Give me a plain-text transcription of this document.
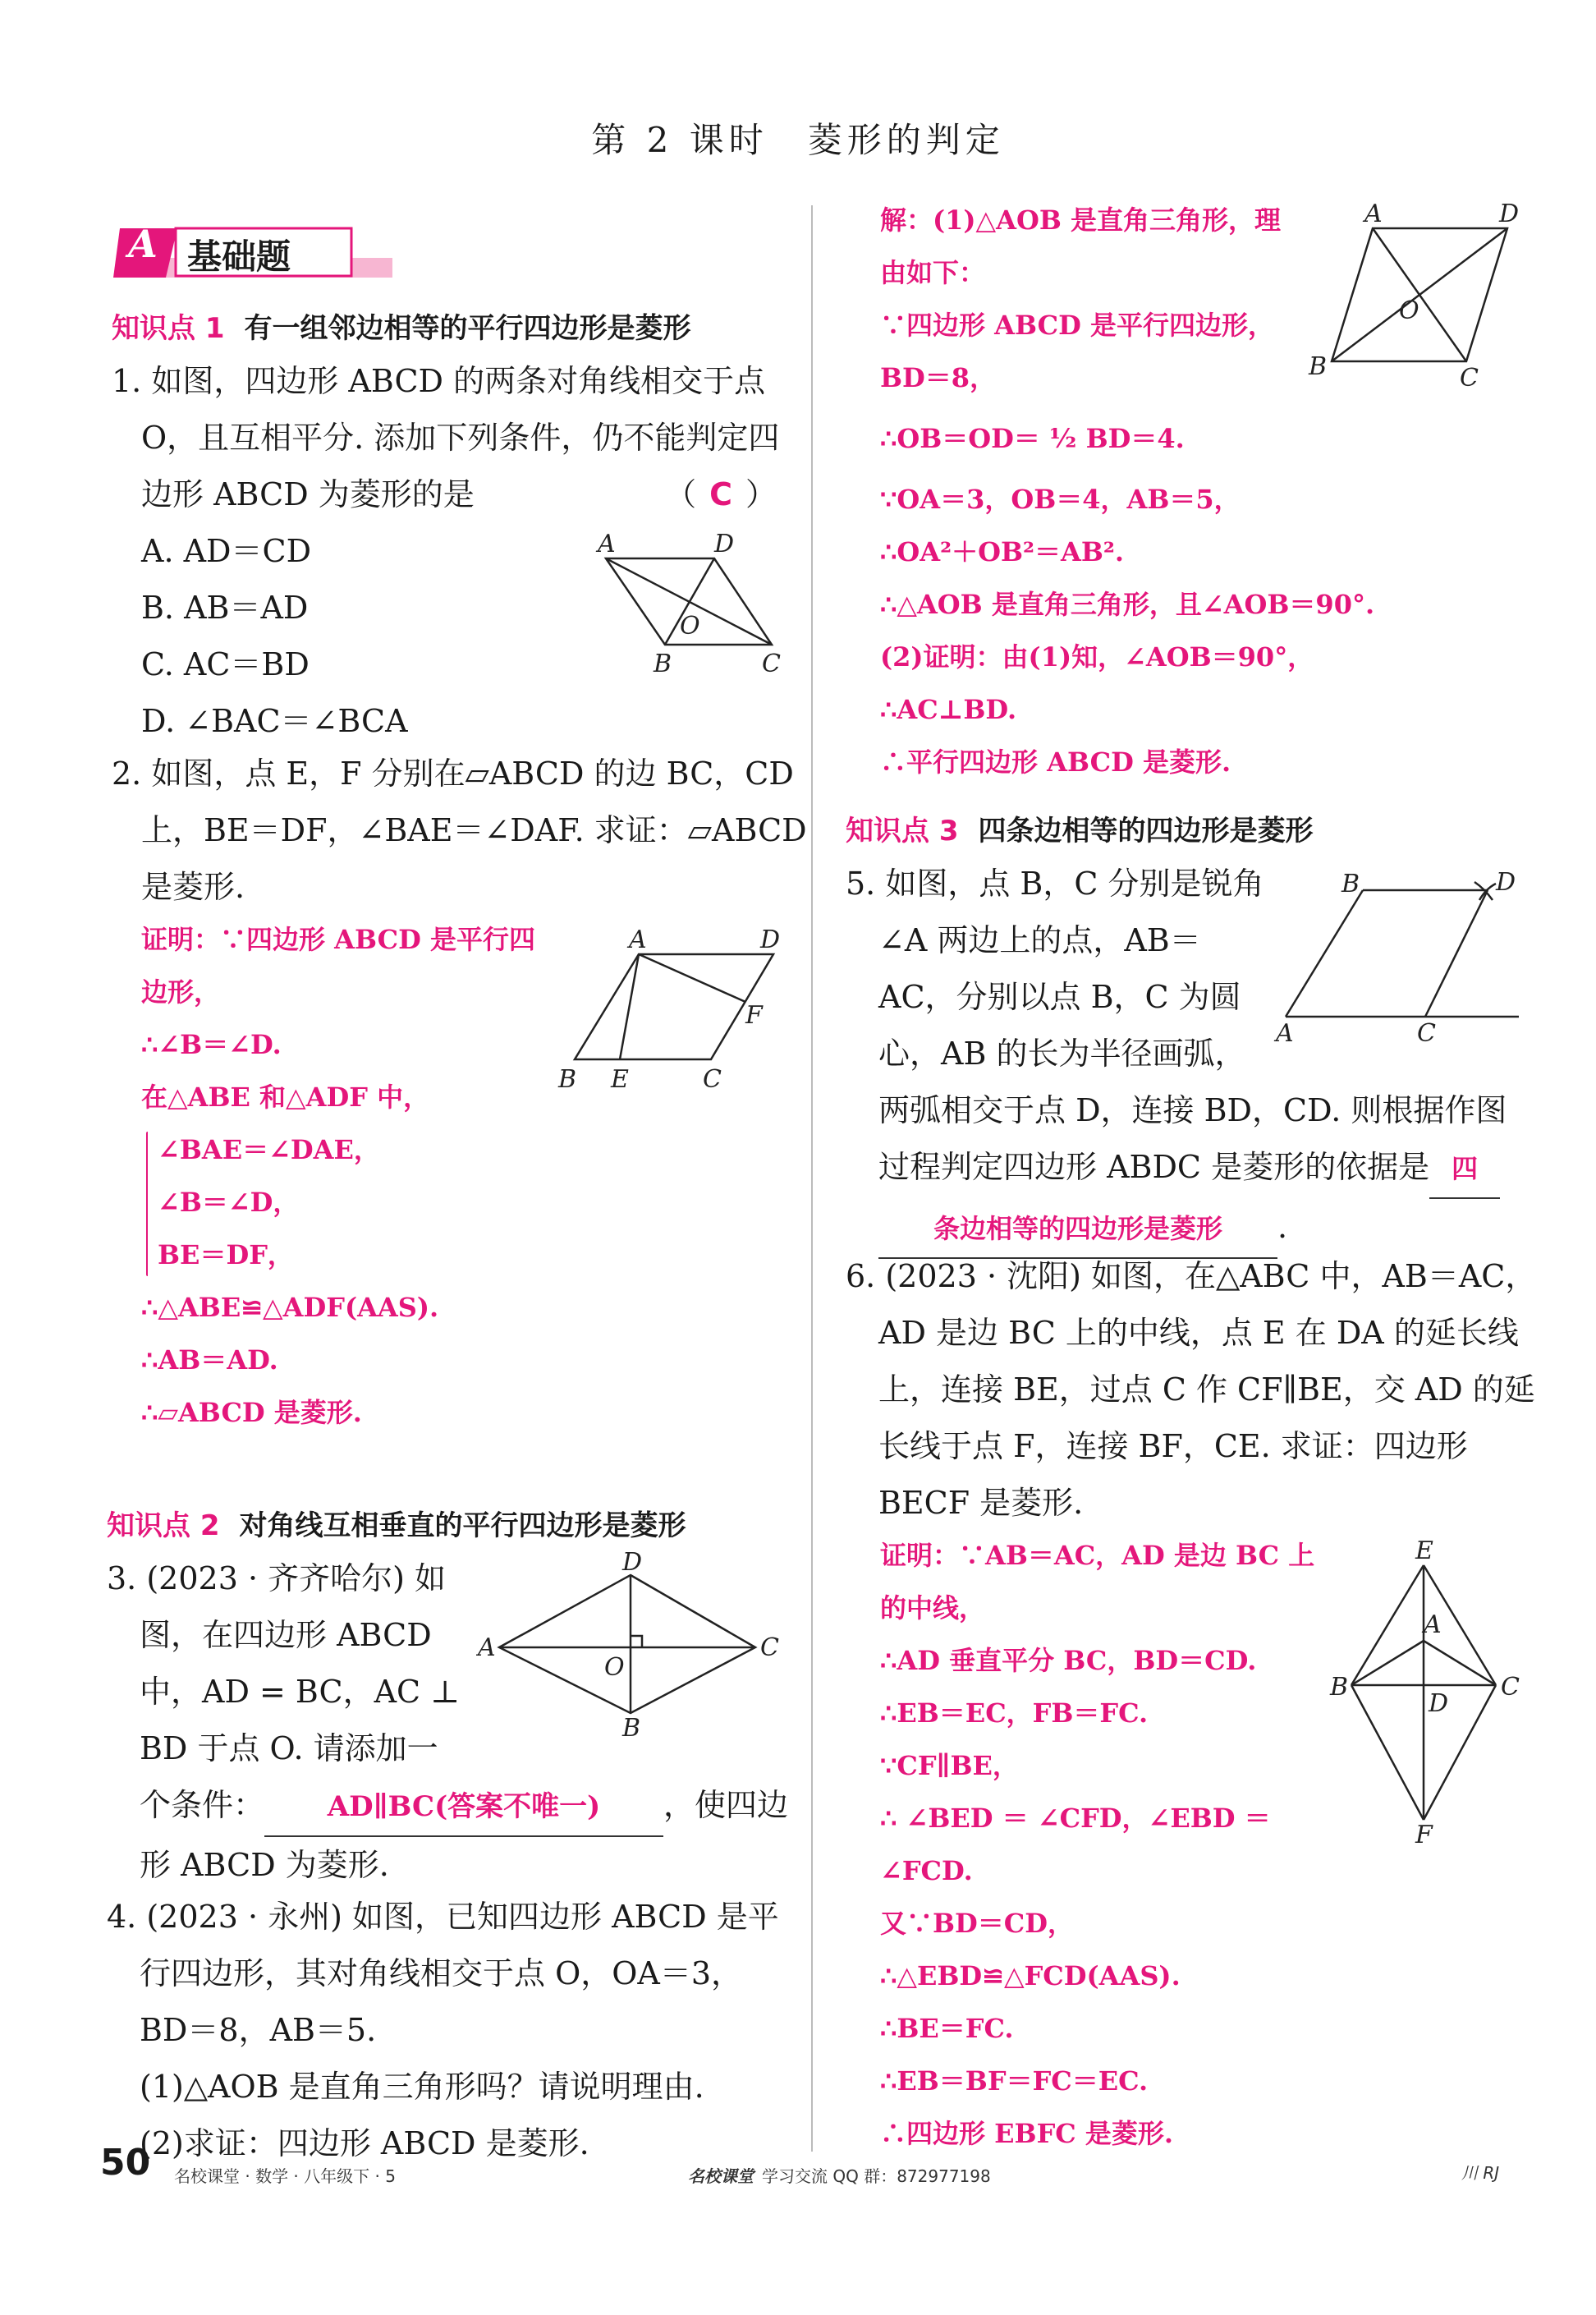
第 2 课时　菱形的判定
A 基础题
知识点 1 有一组邻边相等的平行四边形是菱形
1. 如图，四边形 ABCD 的两条对角线相交于点
O，且互相平分. 添加下列条件，仍不能判定四
边形 ABCD 为菱形的是	（ C ）
A. AD＝CD
B. AB＝AD
C. AC＝BD
D. ∠BAC＝∠BCA
A	D
O
B	C
2. 如图，点 E，F 分别在▱ABCD 的边 BC，CD
上，BE＝DF，∠BAE＝∠DAF. 求证：▱ABCD
是菱形.
证明：∵四边形 ABCD 是平行四
边形，
∴∠B＝∠D.
在△ABE 和△ADF 中，
∠BAE＝∠DAE，
∠B＝∠D，
BE＝DF，
∴△ABE≌△ADF(AAS).
∴AB＝AD.
∴▱ABCD 是菱形.
A	D
F
B E	C
知识点 2 对角线互相垂直的平行四边形是菱形
3. (2023 · 齐齐哈尔) 如
图，在四边形 ABCD
中，AD = BC，AC ⊥
BD 于点 O. 请添加一
个条件： AD∥BC(答案不唯一) ，使四边
形 ABCD 为菱形.
D
A	C
O
B
4. (2023 · 永州) 如图，已知四边形 ABCD 是平
行四边形，其对角线相交于点 O，OA＝3，
BD＝8，AB＝5.
(1)△AOB 是直角三角形吗？请说明理由.
(2)求证：四边形 ABCD 是菱形.
解：(1)△AOB 是直角三角形，理
由如下：
∵四边形 ABCD 是平行四边形，
BD＝8，
∴OB＝OD＝ ½ BD＝4.
∵OA＝3，OB＝4，AB＝5，
∴OA²＋OB²＝AB².
∴△AOB 是直角三角形，且∠AOB＝90°.
(2)证明：由(1)知，∠AOB＝90°，
∴AC⊥BD.
∴平行四边形 ABCD 是菱形.
A	D
O
B	C
知识点 3 四条边相等的四边形是菱形
5. 如图，点 B，C 分别是锐角
∠A 两边上的点，AB＝
AC，分别以点 B，C 为圆
心，AB 的长为半径画弧，
两弧相交于点 D，连接 BD，CD. 则根据作图
过程判定四边形 ABDC 是菱形的依据是 四
条边相等的四边形是菱形 .
B	D
A	C
6. (2023 · 沈阳) 如图，在△ABC 中，AB＝AC，
AD 是边 BC 上的中线，点 E 在 DA 的延长线
上，连接 BE，过点 C 作 CF∥BE，交 AD 的延
长线于点 F，连接 BF，CE. 求证：四边形
BECF 是菱形.
证明：∵AB＝AC，AD 是边 BC 上
的中线，
∴AD 垂直平分 BC，BD＝CD.
∴EB＝EC，FB＝FC.
∵CF∥BE，
∴ ∠BED ＝ ∠CFD，∠EBD ＝
∠FCD.
又∵BD＝CD，
∴△EBD≌△FCD(AAS).
∴BE＝FC.
∴EB＝BF＝FC＝EC.
∴四边形 EBFC 是菱形.
E
A
B	C
D
F
50 名校课堂 · 数学 · 八年级下 · 5	名校课堂 学习交流 QQ 群：872977198	川 RJ
